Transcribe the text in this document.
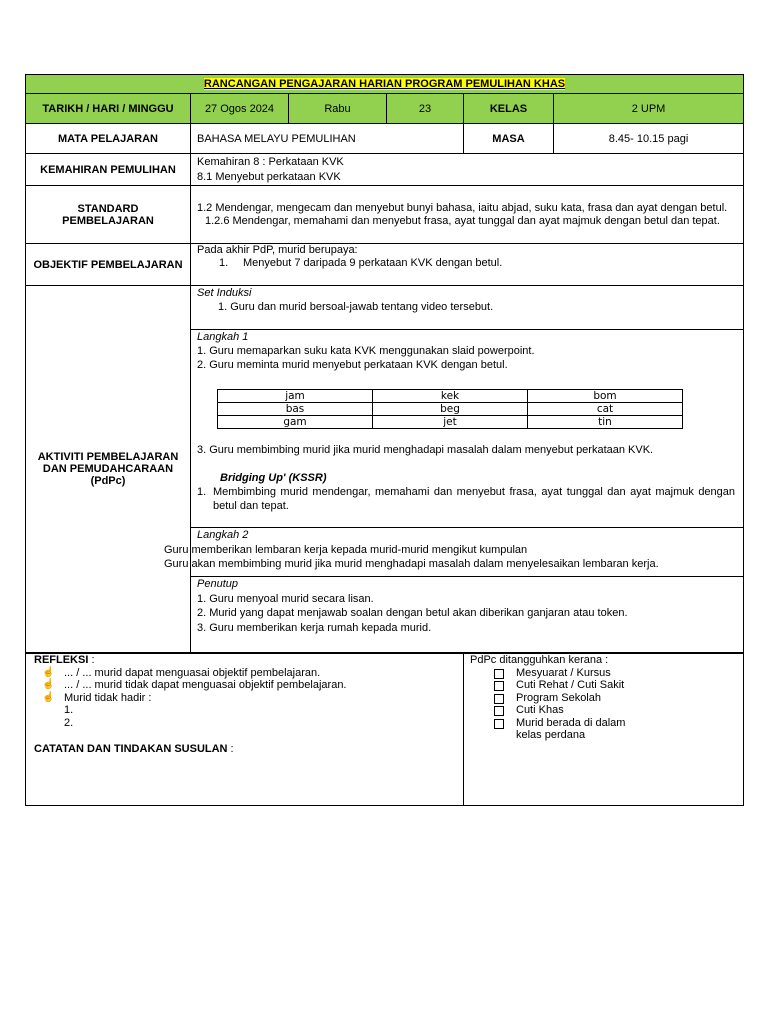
RANCANGAN PENGAJARAN HARIAN PROGRAM PEMULIHAN KHAS
TARIKH / HARI / MINGGU	27 Ogos 2024	Rabu	23	KELAS	2 UPM
MATA PELAJARAN	BAHASA MELAYU PEMULIHAN	MASA	8.45- 10.15 pagi
KEMAHIRAN PEMULIHAN	
Kemahiran 8 : Perkataan KVK
8.1 Menyebut perkataan KVK

STANDARD PEMBELAJARAN	
1.2 Mendengar, mengecam dan menyebut bunyi bahasa, iaitu abjad, suku kata, frasa dan ayat dengan betul.
1.2.6 Mendengar, memahami dan menyebut frasa, ayat tunggal dan ayat majmuk dengan betul dan tepat.

OBJEKTIF PEMBELAJARAN	
Pada akhir PdP, murid berupaya:
1.	Menyebut 7 daripada 9 perkataan KVK dengan betul.

AKTIVITI PEMBELAJARAN DAN PEMUDAHCARAAN (PdPc)	
Set Induksi
1. Guru dan murid bersoal-jawab tentang video tersebut.
Langkah 1
1. Guru memaparkan suku kata KVK menggunakan slaid powerpoint.
2. Guru meminta murid menyebut perkataan KVK dengan betul.
jam	kek	bom
bas	beg	cat
gam	jet	tin
3. Guru membimbing murid jika murid menghadapi masalah dalam menyebut perkataan KVK.
Bridging Up' (KSSR)
1. Membimbing murid mendengar, memahami dan menyebut frasa, ayat tunggal dan ayat majmuk dengan betul dan tepat.
Langkah 2
Guru memberikan lembaran kerja kepada murid-murid mengikut kumpulan
Guru akan membimbing murid jika murid menghadapi masalah dalam menyelesaikan lembaran kerja.
Penutup
1. Guru menyoal murid secara lisan.
2. Murid yang dapat menjawab soalan dengan betul akan diberikan ganjaran atau token.
3. Guru memberikan kerja rumah kepada murid.

REFLEKSI :
☝ ... / ... murid dapat menguasai objektif pembelajaran.
☝ ... / ... murid tidak dapat menguasai objektif pembelajaran.
☝ Murid tidak hadir :
1.
2.
CATATAN DAN TINDAKAN SUSULAN :

PdPc ditangguhkan kerana :
Mesyuarat / Kursus
Cuti Rehat / Cuti Sakit
Program Sekolah
Cuti Khas
Murid berada di dalam kelas perdana
